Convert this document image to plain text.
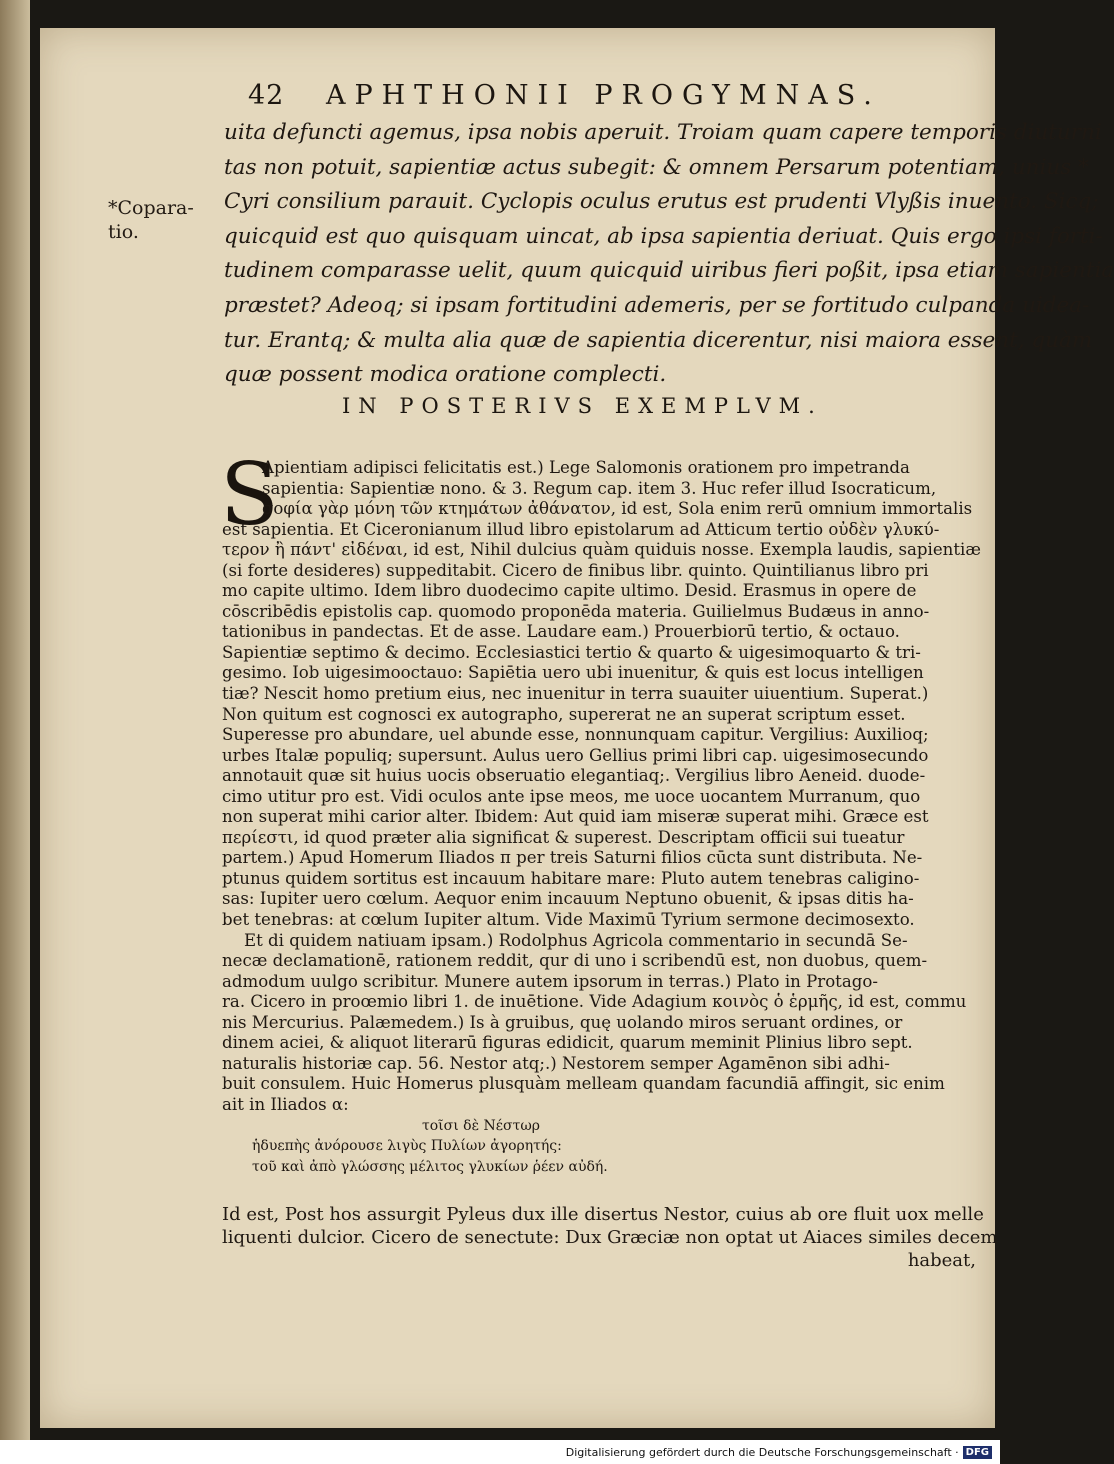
42 APHTHONII PROGYMNAS.
*Copara-
tio.
uita defuncti agemus, ipsa nobis aperuit. Troiam quam capere temporis diuturni
tas non potuit, sapientiæ actus subegit: & omnem Persarum potentiam, unius *
Cyri consilium parauit. Cyclopis oculus erutus est prudenti Vlyßis inuento. Sicq;
quicquid est quo quisquam uincat, ab ipsa sapientia deriuat. Quis ergo ipsi forti-
tudinem comparasse uelit, quum quicquid uiribus fieri poßit, ipsa etiam sapientia
præstet? Adeoq; si ipsam fortitudini ademeris, per se fortitudo culpanda uidea-
tur. Erantq; & multa alia quæ de sapientia dicerentur, nisi maiora essent, quàm
quæ possent modica oratione complecti.
IN POSTERIVS EXEMPLVM.
S
Apientiam adipisci felicitatis est.) Lege Salomonis orationem pro impetranda
sapientia: Sapientiæ nono. & 3. Regum cap. item 3. Huc refer illud Isocraticum,
σοφία γὰρ μόνη τῶν κτημάτων ἀθάνατον, id est, Sola enim rerū omnium immortalis
est sapientia. Et Ciceronianum illud libro epistolarum ad Atticum tertio οὐδὲν γλυκύ-
τερον ἢ πάντ' εἰδέναι, id est, Nihil dulcius quàm quiduis nosse. Exempla laudis, sapientiæ
(si forte desideres) suppeditabit. Cicero de finibus libr. quinto. Quintilianus libro pri
mo capite ultimo. Idem libro duodecimo capite ultimo. Desid. Erasmus in opere de
cōscribēdis epistolis cap. quomodo proponēda materia. Guilielmus Budæus in anno-
tationibus in pandectas. Et de asse. Laudare eam.) Prouerbiorū tertio, & octauo.
Sapientiæ septimo & decimo. Ecclesiastici tertio & quarto & uigesimoquarto & tri-
gesimo. Iob uigesimooctauo: Sapiētia uero ubi inuenitur, & quis est locus intelligen
tiæ? Nescit homo pretium eius, nec inuenitur in terra suauiter uiuentium. Superat.)
Non quitum est cognosci ex autographo, supererat ne an superat scriptum esset.
Superesse pro abundare, uel abunde esse, nonnunquam capitur. Vergilius: Auxilioq;
urbes Italæ populiq; supersunt. Aulus uero Gellius primi libri cap. uigesimosecundo
annotauit quæ sit huius uocis obseruatio elegantiaq;. Vergilius libro Aeneid. duode-
cimo utitur pro est. Vidi oculos ante ipse meos, me uoce uocantem Murranum, quo
non superat mihi carior alter. Ibidem: Aut quid iam miseræ superat mihi. Græce est
περίεστι, id quod præter alia significat & superest. Descriptam officii sui tueatur
partem.) Apud Homerum Iliados π per treis Saturni filios cūcta sunt distributa. Ne-
ptunus quidem sortitus est incauum habitare mare: Pluto autem tenebras caligino-
sas: Iupiter uero cœlum. Aequor enim incauum Neptuno obuenit, & ipsas ditis ha-
bet tenebras: at cœlum Iupiter altum. Vide Maximū Tyrium sermone decimosexto.
Et di quidem natiuam ipsam.) Rodolphus Agricola commentario in secundā Se-
necæ declamationē, rationem reddit, qur di uno i scribendū est, non duobus, quem-
admodum uulgo scribitur. Munere autem ipsorum in terras.) Plato in Protago-
ra. Cicero in proœmio libri 1. de inuētione. Vide Adagium κοινὸς ὁ ἑρμῆς, id est, commu
nis Mercurius. Palæmedem.) Is à gruibus, quę uolando miros seruant ordines, or
dinem aciei, & aliquot literarū figuras edidicit, quarum meminit Plinius libro sept.
naturalis historiæ cap. 56. Nestor atq;.) Nestorem semper Agamēnon sibi adhi-
buit consulem. Huic Homerus plusquàm melleam quandam facundiā affingit, sic enim
ait in Iliados α:
τοῖσι δὲ Νέστωρ
ἡδυεπὴς ἀνόρουσε λιγὺς Πυλίων ἀγορητής:
τοῦ καὶ ἀπὸ γλώσσης μέλιτος γλυκίων ῥέεν αὐδή.
Id est, Post hos assurgit Pyleus dux ille disertus Nestor, cuius ab ore fluit uox melle
liquenti dulcior. Cicero de senectute: Dux Græciæ non optat ut Aiaces similes decem
habeat,
Digitalisierung gefördert durch die Deutsche Forschungsgemeinschaft · DFG
